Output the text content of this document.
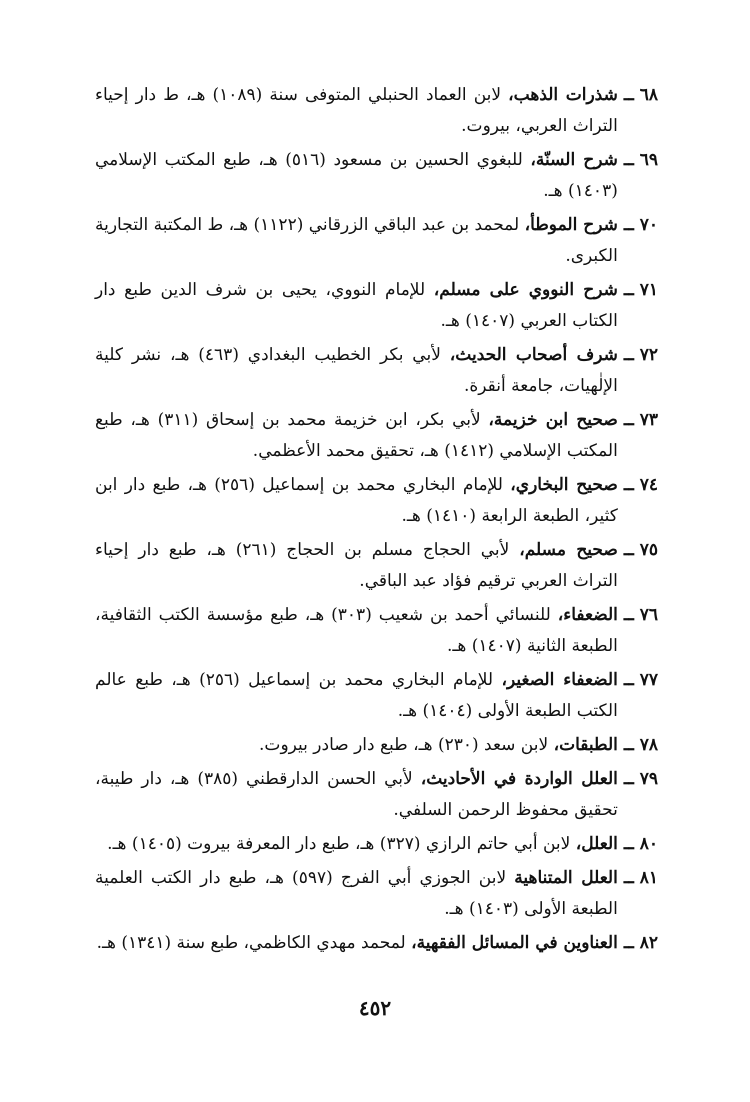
٦٨ ــ
شذرات الذهب، لابن العماد الحنبلي المتوفى سنة (١٠٨٩) هـ، ط دار إحياء التراث العربي، بيروت.
٦٩ ــ
شرح السنّة، للبغوي الحسين بن مسعود (٥١٦) هـ، طبع المكتب الإسلامي (١٤٠٣) هـ.
٧٠ ــ
شرح الموطأ، لمحمد بن عبد الباقي الزرقاني (١١٢٢) هـ، ط المكتبة التجارية الكبرى.
٧١ ــ
شرح النووي على مسلم، للإمام النووي، يحيى بن شرف الدين طبع دار الكتاب العربي (١٤٠٧) هـ.
٧٢ ــ
شرف أصحاب الحديث، لأبي بكر الخطيب البغدادي (٤٦٣) هـ، نشر كلية الإلٰهيات، جامعة أنقرة.
٧٣ ــ
صحيح ابن خزيمة، لأبي بكر، ابن خزيمة محمد بن إسحاق (٣١١) هـ، طبع المكتب الإسلامي (١٤١٢) هـ، تحقيق محمد الأعظمي.
٧٤ ــ
صحيح البخاري، للإمام البخاري محمد بن إسماعيل (٢٥٦) هـ، طبع دار ابن كثير، الطبعة الرابعة (١٤١٠) هـ.
٧٥ ــ
صحيح مسلم، لأبي الحجاج مسلم بن الحجاج (٢٦١) هـ، طبع دار إحياء التراث العربي ترقيم فؤاد عبد الباقي.
٧٦ ــ
الضعفاء، للنسائي أحمد بن شعيب (٣٠٣) هـ، طبع مؤسسة الكتب الثقافية، الطبعة الثانية (١٤٠٧) هـ.
٧٧ ــ
الضعفاء الصغير، للإمام البخاري محمد بن إسماعيل (٢٥٦) هـ، طبع عالم الكتب الطبعة الأولى (١٤٠٤) هـ.
٧٨ ــ
الطبقات، لابن سعد (٢٣٠) هـ، طبع دار صادر بيروت.
٧٩ ــ
العلل الواردة في الأحاديث، لأبي الحسن الدارقطني (٣٨٥) هـ، دار طيبة، تحقيق محفوظ الرحمن السلفي.
٨٠ ــ
العلل، لابن أبي حاتم الرازي (٣٢٧) هـ، طبع دار المعرفة بيروت (١٤٠٥) هـ.
٨١ ــ
العلل المتناهية لابن الجوزي أبي الفرج (٥٩٧) هـ، طبع دار الكتب العلمية الطبعة الأولى (١٤٠٣) هـ.
٨٢ ــ
العناوين في المسائل الفقهية، لمحمد مهدي الكاظمي، طبع سنة (١٣٤١) هـ.
٤٥٢
